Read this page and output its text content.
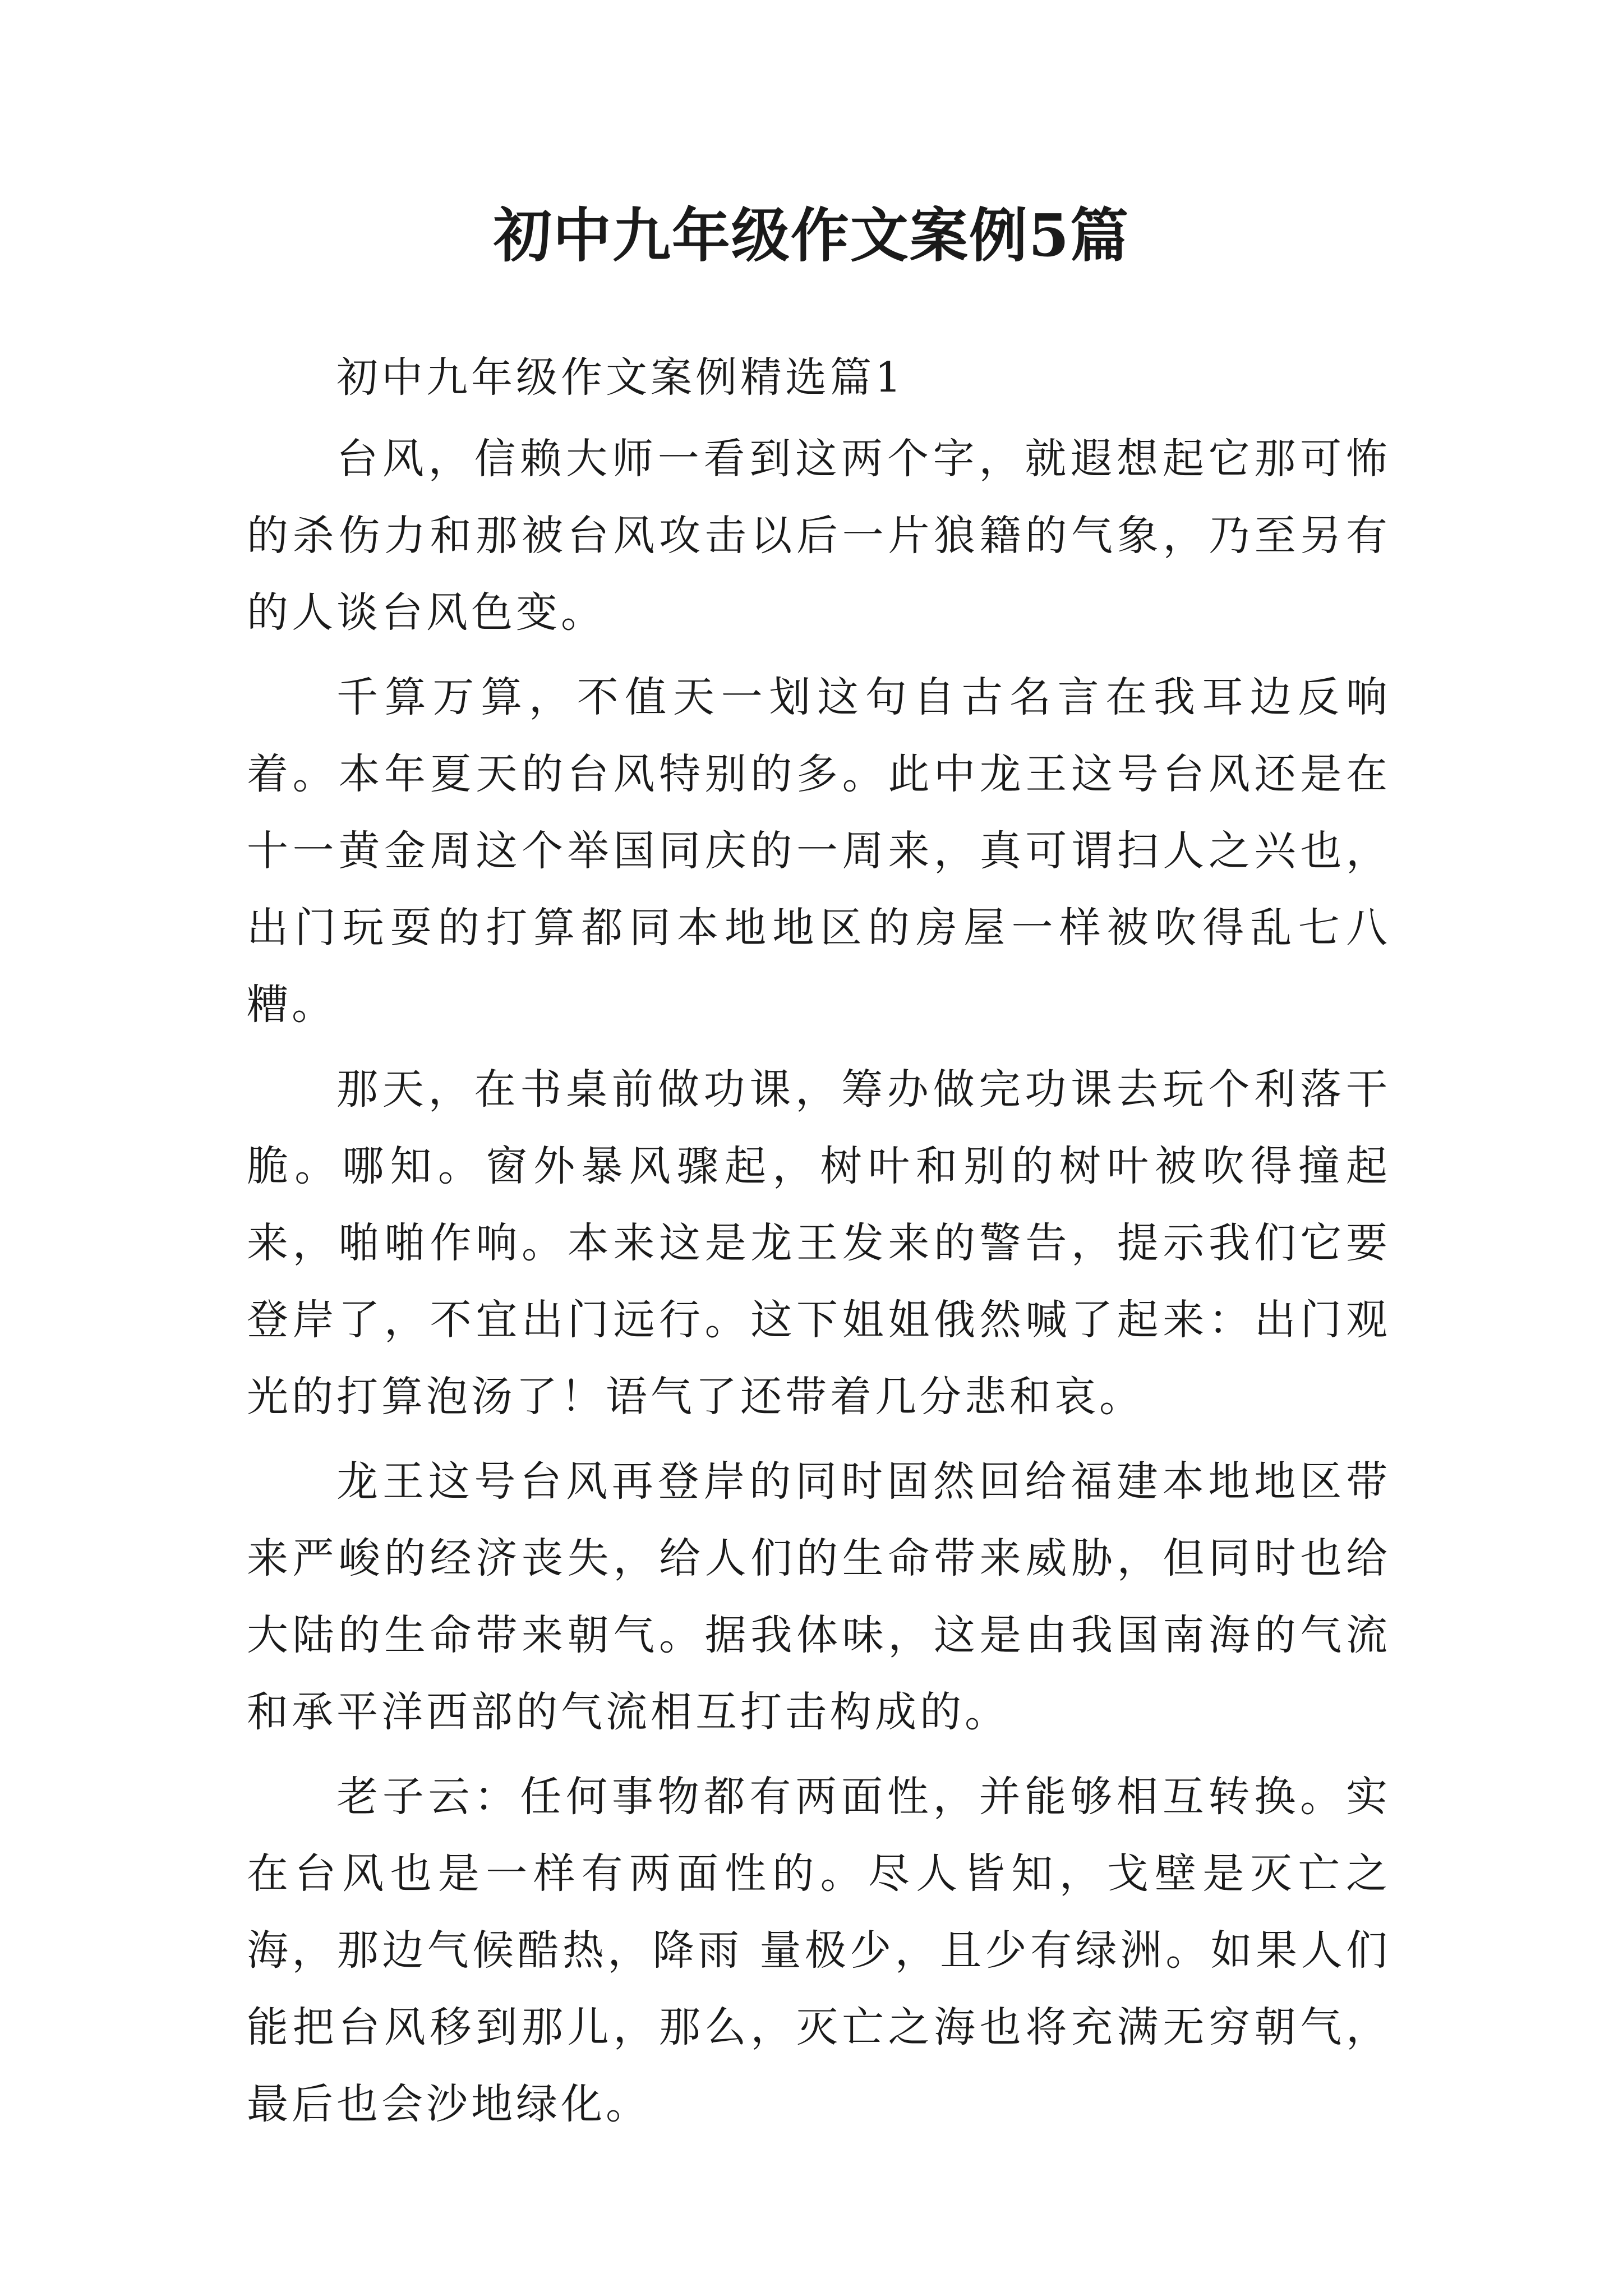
初中九年级作文案例5篇

初中九年级作文案例精选篇1

台风，信赖大师一看到这两个字，就遐想起它那可怖的杀伤力和那被台风攻击以后一片狼籍的气象，乃至另有的人谈台风色变。

千算万算，不值天一划这句自古名言在我耳边反响着。本年夏天的台风特别的多。此中龙王这号台风还是在十一黄金周这个举国同庆的一周来，真可谓扫人之兴也，出门玩耍的打算都同本地地区的房屋一样被吹得乱七八糟。

那天，在书桌前做功课，筹办做完功课去玩个利落干脆。哪知。窗外暴风骤起，树叶和别的树叶被吹得撞起来，啪啪作响。本来这是龙王发来的警告，提示我们它要登岸了，不宜出门远行。这下姐姐俄然喊了起来：出门观光的打算泡汤了！语气了还带着几分悲和哀。

龙王这号台风再登岸的同时固然回给福建本地地区带来严峻的经济丧失，给人们的生命带来威胁，但同时也给大陆的生命带来朝气。据我体味，这是由我国南海的气流和承平洋西部的气流相互打击构成的。

老子云：任何事物都有两面性，并能够相互转换。实在台风也是一样有两面性的。尽人皆知，戈壁是灭亡之海，那边气候酷热，降雨 量极少，且少有绿洲。如果人们能把台风移到那儿，那么，灭亡之海也将充满无穷朝气，最后也会沙地绿化。
